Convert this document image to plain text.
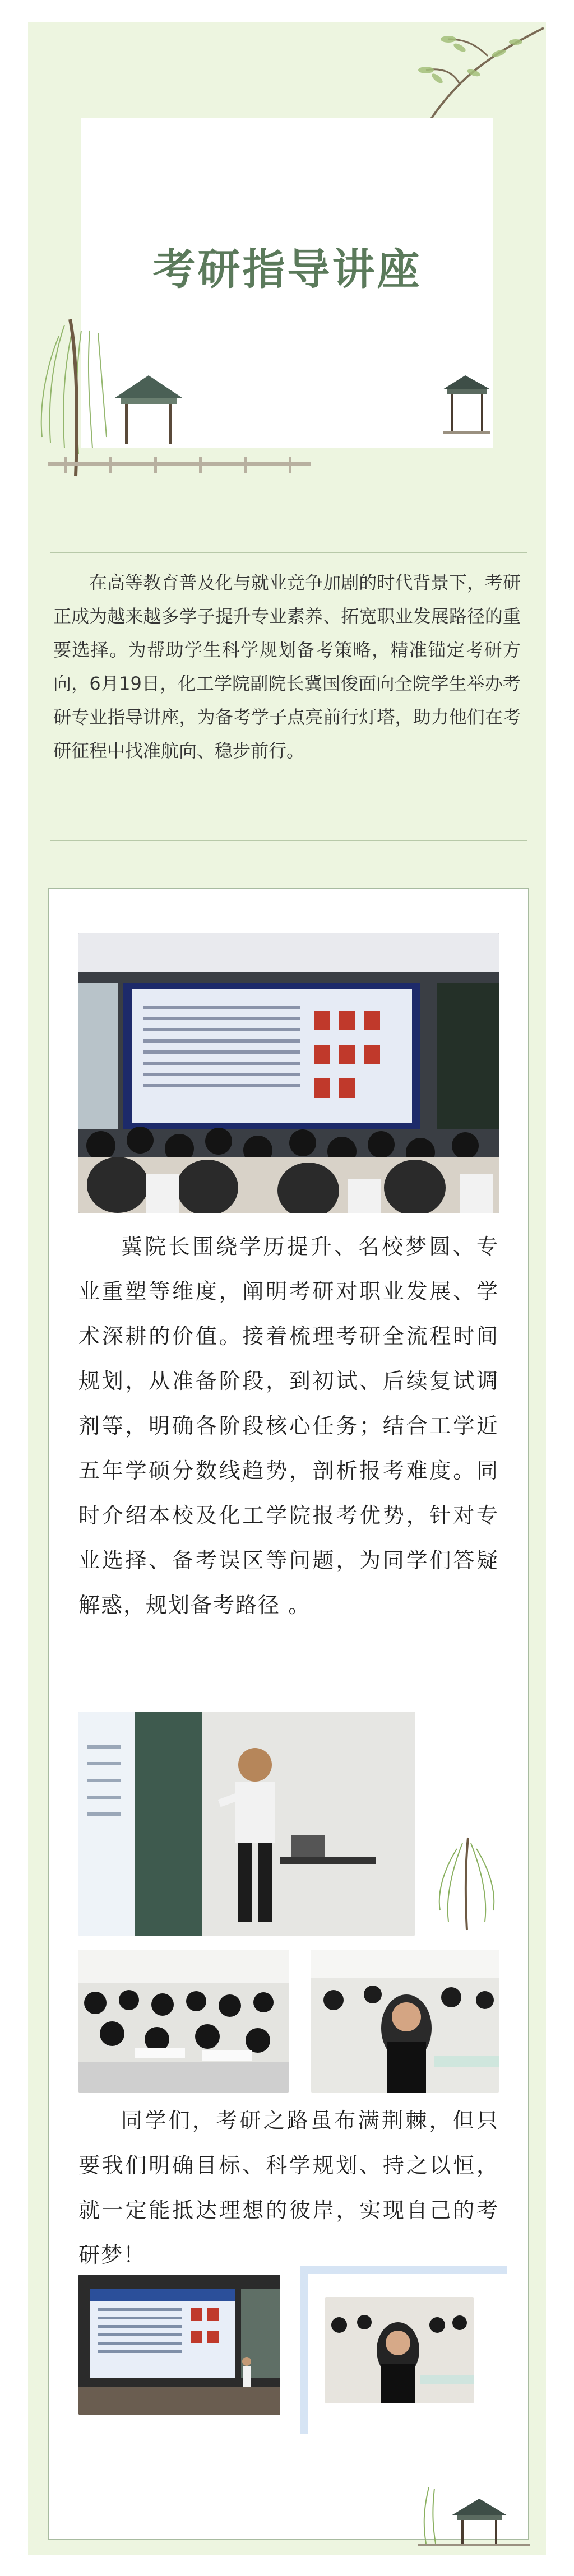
考研指导讲座
在高等教育普及化与就业竞争加剧的时代背景下，考研正成为越来越多学子提升专业素养、拓宽职业发展路径的重要选择。为帮助学生科学规划备考策略，精准锚定考研方向，6月19日，化工学院副院长冀国俊面向全院学生举办考研专业指导讲座，为备考学子点亮前行灯塔，助力他们在考研征程中找准航向、稳步前行。
冀院长围绕学历提升、名校梦圆、专业重塑等维度，阐明考研对职业发展、学术深耕的价值。接着梳理考研全流程时间规划，从准备阶段，到初试、后续复试调剂等，明确各阶段核心任务；结合工学近五年学硕分数线趋势，剖析报考难度。同时介绍本校及化工学院报考优势，针对专业选择、备考误区等问题，为同学们答疑解惑，规划备考路径 。
同学们，考研之路虽布满荆棘，但只要我们明确目标、科学规划、持之以恒，就一定能抵达理想的彼岸，实现自己的考研梦！
